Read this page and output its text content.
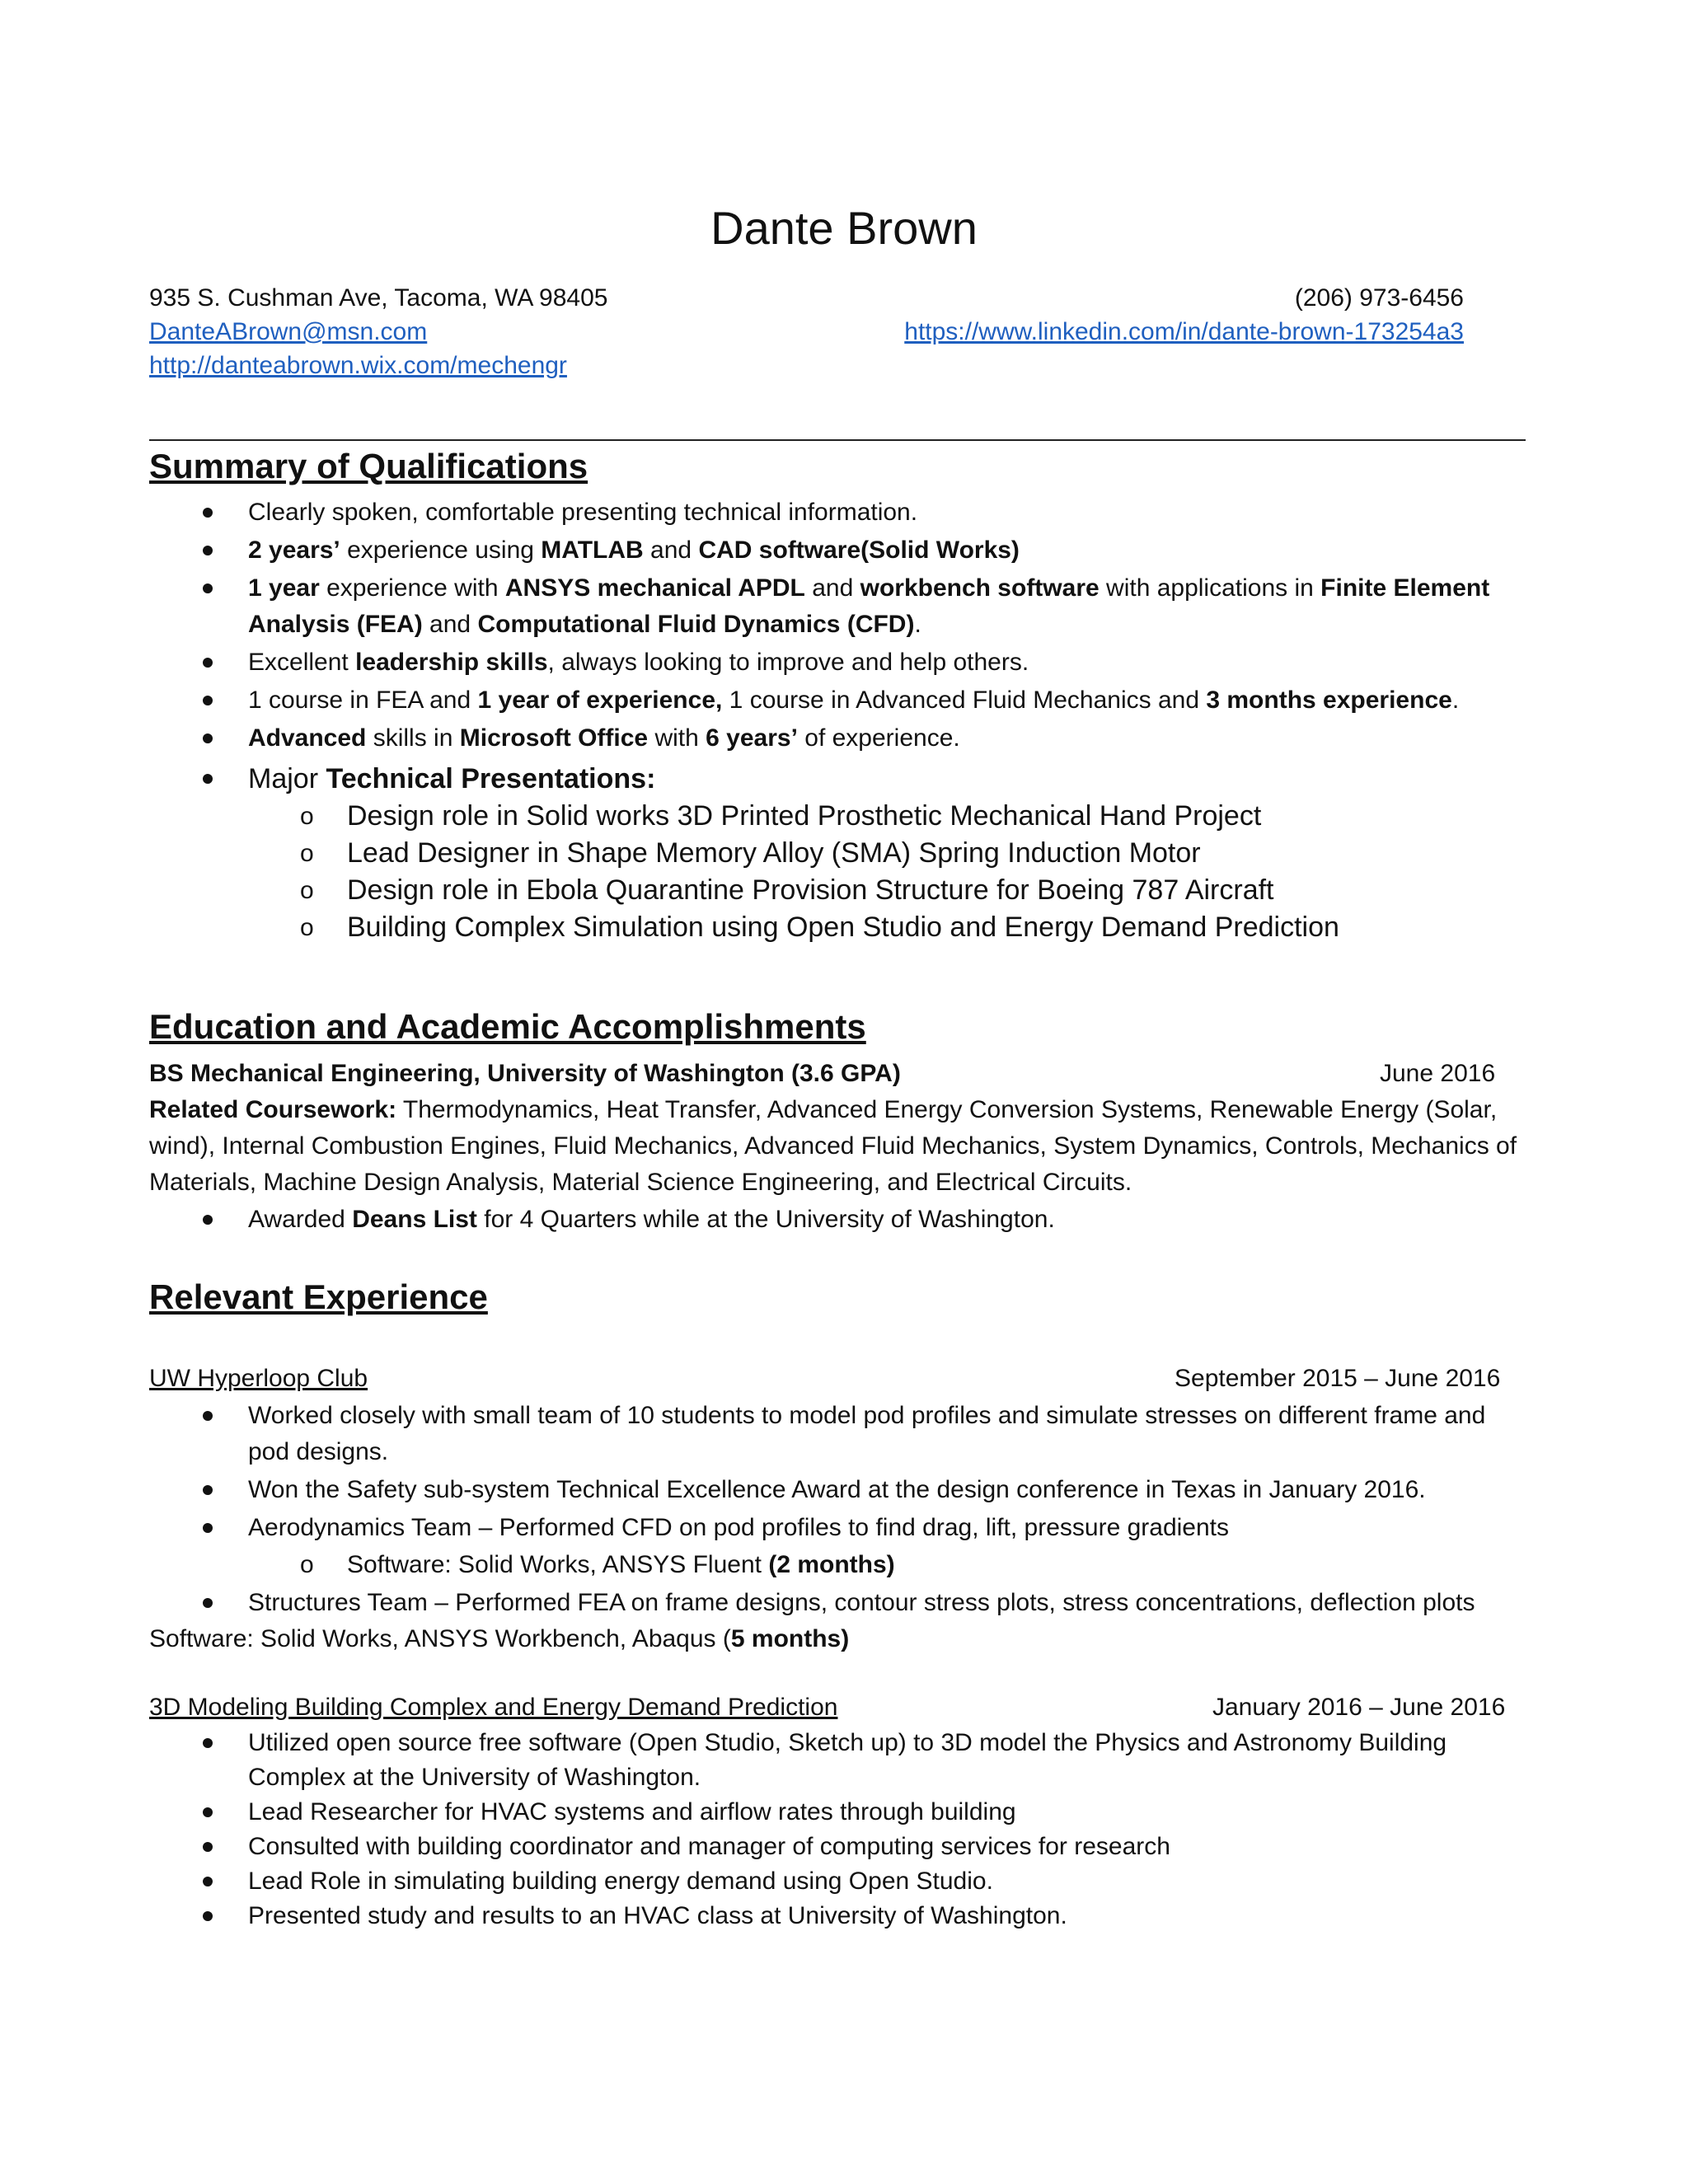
Dante Brown
935 S. Cushman Ave, Tacoma, WA 98405	(206) 973-6456
DanteABrown@msn.com	https://www.linkedin.com/in/dante-brown-173254a3
http://danteabrown.wix.com/mechengr
Summary of Qualifications
Clearly spoken, comfortable presenting technical information.
2 years’ experience using MATLAB and CAD software(Solid Works)
1 year experience with ANSYS mechanical APDL and workbench software with applications in Finite Element
Analysis (FEA) and Computational Fluid Dynamics (CFD).
Excellent leadership skills, always looking to improve and help others.
1 course in FEA and 1 year of experience, 1 course in Advanced Fluid Mechanics and 3 months experience.
Advanced skills in Microsoft Office with 6 years’ of experience.
Major Technical Presentations:
o Design role in Solid works 3D Printed Prosthetic Mechanical Hand Project
o Lead Designer in Shape Memory Alloy (SMA) Spring Induction Motor
o Design role in Ebola Quarantine Provision Structure for Boeing 787 Aircraft
o Building Complex Simulation using Open Studio and Energy Demand Prediction
Education and Academic Accomplishments
BS Mechanical Engineering, University of Washington (3.6 GPA)	June 2016
Related Coursework: Thermodynamics, Heat Transfer, Advanced Energy Conversion Systems, Renewable Energy (Solar,
wind), Internal Combustion Engines, Fluid Mechanics, Advanced Fluid Mechanics, System Dynamics, Controls, Mechanics of
Materials, Machine Design Analysis, Material Science Engineering, and Electrical Circuits.
Awarded Deans List for 4 Quarters while at the University of Washington.
Relevant Experience
UW Hyperloop Club	September 2015 – June 2016
Worked closely with small team of 10 students to model pod profiles and simulate stresses on different frame and
pod designs.
Won the Safety sub-system Technical Excellence Award at the design conference in Texas in January 2016.
Aerodynamics Team – Performed CFD on pod profiles to find drag, lift, pressure gradients
o Software: Solid Works, ANSYS Fluent (2 months)
Structures Team – Performed FEA on frame designs, contour stress plots, stress concentrations, deflection plots
Software: Solid Works, ANSYS Workbench, Abaqus (5 months)
3D Modeling Building Complex and Energy Demand Prediction	January 2016 – June 2016
Utilized open source free software (Open Studio, Sketch up) to 3D model the Physics and Astronomy Building
Complex at the University of Washington.
Lead Researcher for HVAC systems and airflow rates through building
Consulted with building coordinator and manager of computing services for research
Lead Role in simulating building energy demand using Open Studio.
Presented study and results to an HVAC class at University of Washington.
